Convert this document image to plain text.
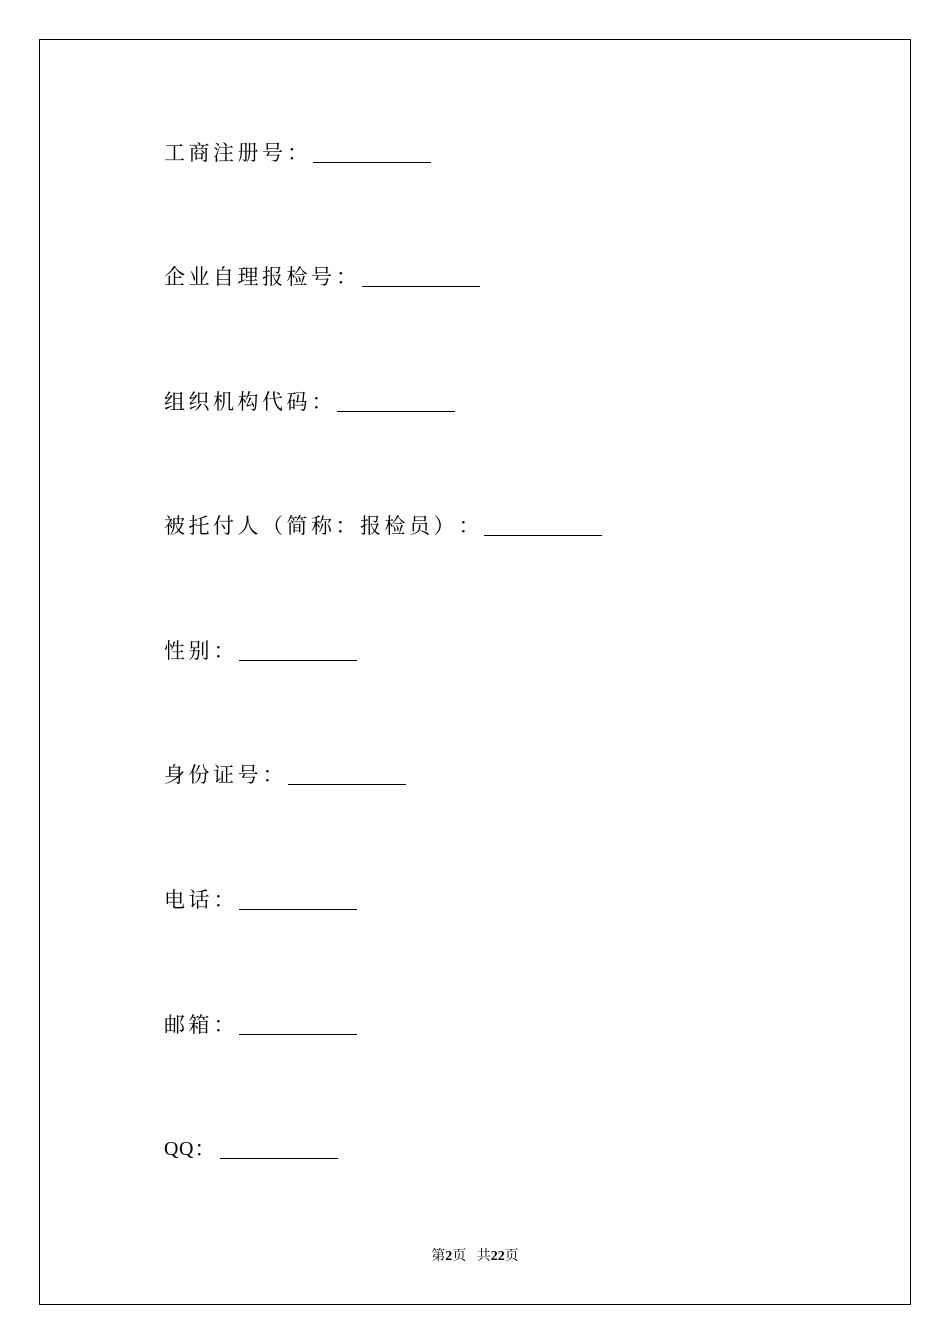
工商注册号 ：
企业自理报检号 ：
组织机构代码 ：
被托付人（简称：报检员） ：
性别 ：
身份证号 ：
电话 ：
邮箱 ：
QQ ：
第2页 共22页
